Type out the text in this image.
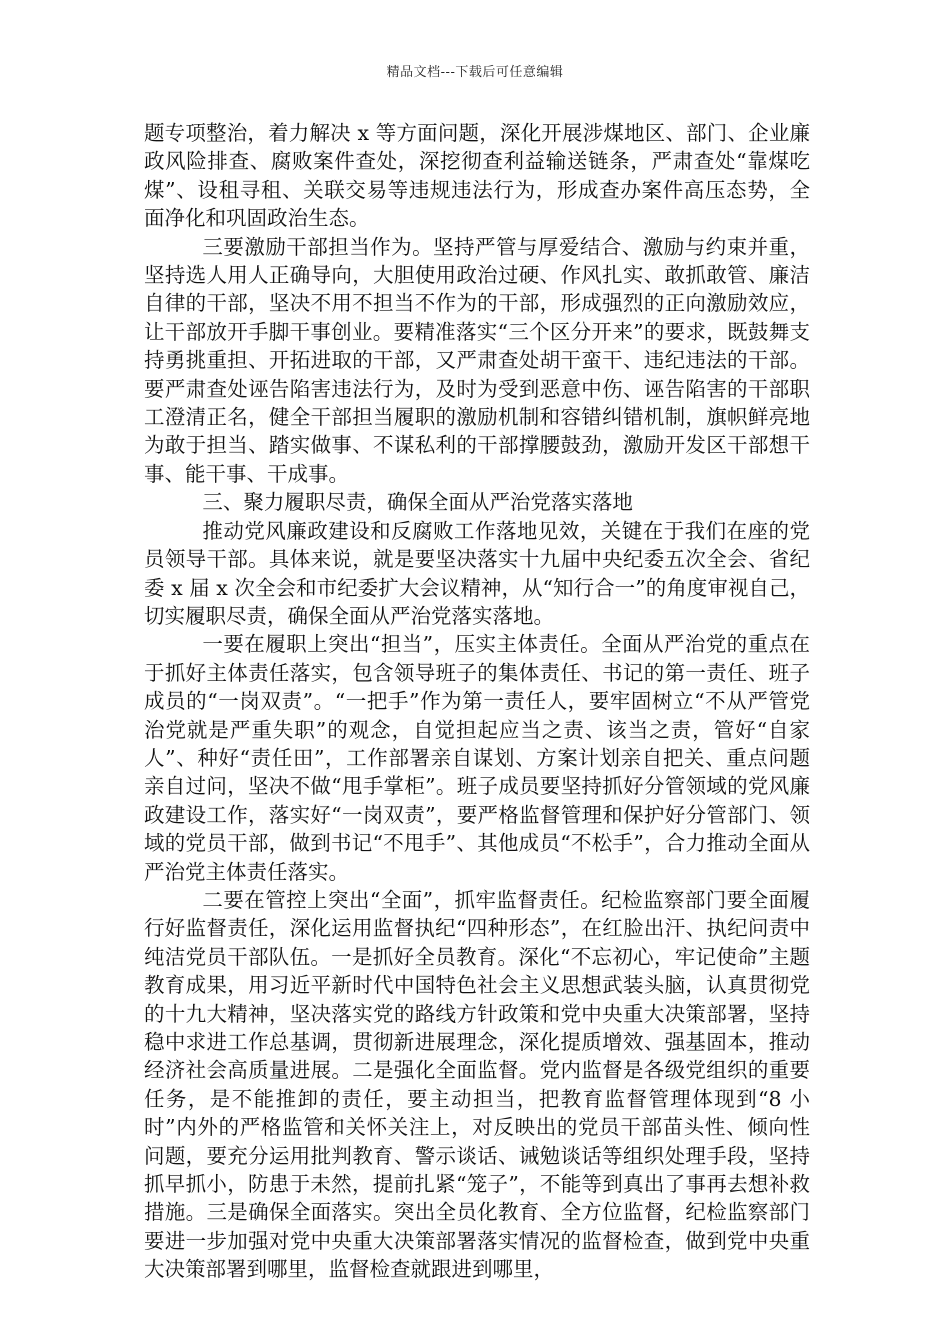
精品文档---下载后可任意编辑

题专项整治，着力解决 x 等方面问题，深化开展涉煤地区、部门、企业廉政风险排查、腐败案件查处，深挖彻查利益输送链条，严肃查处“靠煤吃煤”、设租寻租、关联交易等违规违法行为，形成查办案件高压态势，全面净化和巩固政治生态。

三要激励干部担当作为。坚持严管与厚爱结合、激励与约束并重，坚持选人用人正确导向，大胆使用政治过硬、作风扎实、敢抓敢管、廉洁自律的干部，坚决不用不担当不作为的干部，形成强烈的正向激励效应，让干部放开手脚干事创业。要精准落实“三个区分开来”的要求，既鼓舞支持勇挑重担、开拓进取的干部，又严肃查处胡干蛮干、违纪违法的干部。要严肃查处诬告陷害违法行为，及时为受到恶意中伤、诬告陷害的干部职工澄清正名，健全干部担当履职的激励机制和容错纠错机制，旗帜鲜亮地为敢于担当、踏实做事、不谋私利的干部撑腰鼓劲，激励开发区干部想干事、能干事、干成事。

三、聚力履职尽责，确保全面从严治党落实落地

推动党风廉政建设和反腐败工作落地见效，关键在于我们在座的党员领导干部。具体来说，就是要坚决落实十九届中央纪委五次全会、省纪委 x 届 x 次全会和市纪委扩大会议精神，从“知行合一”的角度审视自己，切实履职尽责，确保全面从严治党落实落地。

一要在履职上突出“担当”，压实主体责任。全面从严治党的重点在于抓好主体责任落实，包含领导班子的集体责任、书记的第一责任、班子成员的“一岗双责”。“一把手”作为第一责任人，要牢固树立“不从严管党治党就是严重失职”的观念，自觉担起应当之责、该当之责，管好“自家人”、种好“责任田”，工作部署亲自谋划、方案计划亲自把关、重点问题亲自过问，坚决不做“甩手掌柜”。班子成员要坚持抓好分管领域的党风廉政建设工作，落实好“一岗双责”，要严格监督管理和保护好分管部门、领域的党员干部，做到书记“不甩手”、其他成员“不松手”，合力推动全面从严治党主体责任落实。

二要在管控上突出“全面”，抓牢监督责任。纪检监察部门要全面履行好监督责任，深化运用监督执纪“四种形态”，在红脸出汗、执纪问责中纯洁党员干部队伍。一是抓好全员教育。深化“不忘初心，牢记使命”主题教育成果，用习近平新时代中国特色社会主义思想武装头脑，认真贯彻党的十九大精神，坚决落实党的路线方针政策和党中央重大决策部署，坚持稳中求进工作总基调，贯彻新进展理念，深化提质增效、强基固本，推动经济社会高质量进展。二是强化全面监督。党内监督是各级党组织的重要任务，是不能推卸的责任，要主动担当，把教育监督管理体现到“8 小时”内外的严格监管和关怀关注上，对反映出的党员干部苗头性、倾向性问题，要充分运用批判教育、警示谈话、诫勉谈话等组织处理手段，坚持抓早抓小，防患于未然，提前扎紧“笼子”，不能等到真出了事再去想补救措施。三是确保全面落实。突出全员化教育、全方位监督，纪检监察部门要进一步加强对党中央重大决策部署落实情况的监督检查，做到党中央重大决策部署到哪里，监督检查就跟进到哪里，
